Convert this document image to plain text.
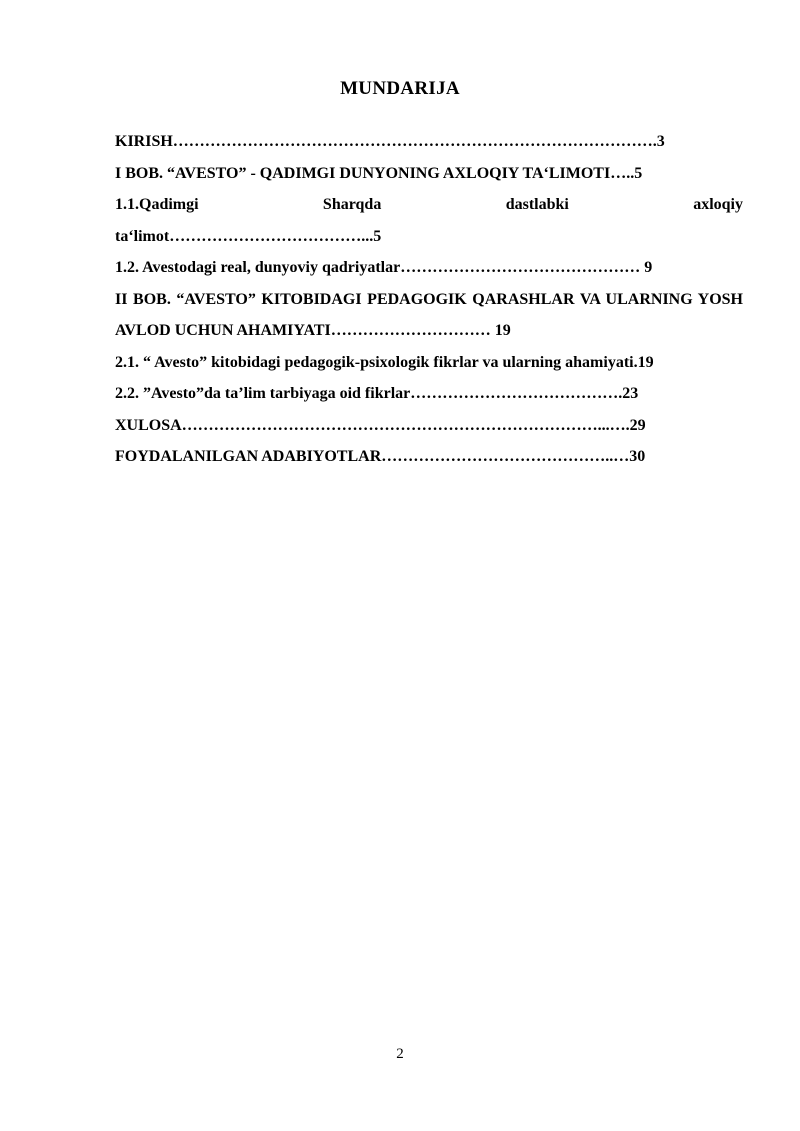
MUNDARIJA

KIRISH……………………………………………………………………………….3

I BOB. “AVESTO” - QADIMGI DUNYONING AXLOQIY TA‘LIMOTI…..5

1.1.Qadimgi Sharqda dastlabki axloqiy
ta‘limot………………………………...5

1.2. Avestodagi real, dunyoviy qadriyatlar……………………………………… 9

II BOB. “AVESTO” KITOBIDAGI PEDAGOGIK QARASHLAR VA ULARNING YOSH AVLOD UCHUN AHAMIYATI………………………… 19

2.1. “ Avesto” kitobidagi pedagogik-psixologik fikrlar va ularning ahamiyati.19

2.2. ”Avesto”da ta’lim tarbiyaga oid fikrlar………………………………….23

XULOSA……………………………………………………………………...….29

FOYDALANILGAN ADABIYOTLAR……………………………………..…30

2
